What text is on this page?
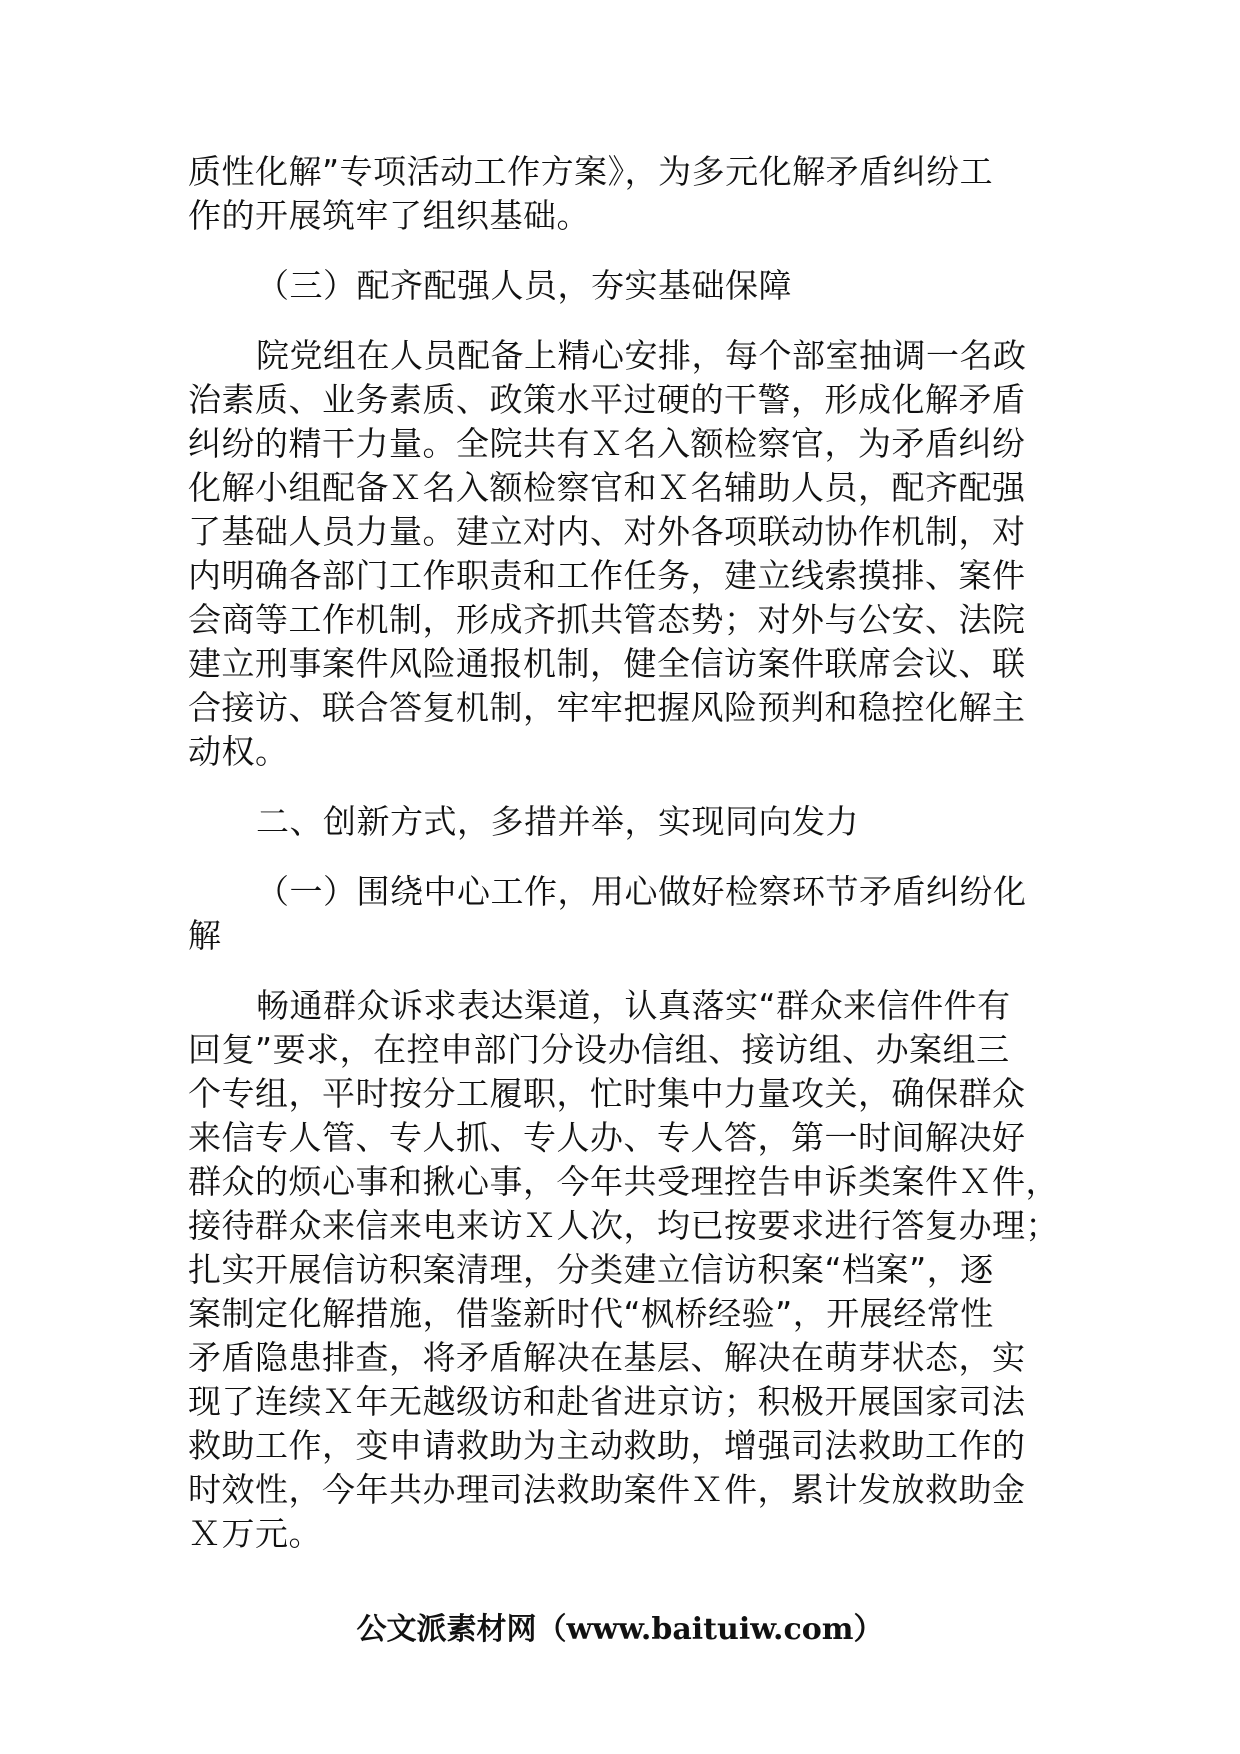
质性化解”专项活动工作方案》，为多元化解矛盾纠纷工
作的开展筑牢了组织基础。

（三）配齐配强人员，夯实基础保障

院党组在人员配备上精心安排，每个部室抽调一名政
治素质、业务素质、政策水平过硬的干警，形成化解矛盾
纠纷的精干力量。全院共有Ｘ名入额检察官，为矛盾纠纷
化解小组配备Ｘ名入额检察官和Ｘ名辅助人员，配齐配强
了基础人员力量。建立对内、对外各项联动协作机制，对
内明确各部门工作职责和工作任务，建立线索摸排、案件
会商等工作机制，形成齐抓共管态势；对外与公安、法院
建立刑事案件风险通报机制，健全信访案件联席会议、联
合接访、联合答复机制，牢牢把握风险预判和稳控化解主
动权。

二、创新方式，多措并举，实现同向发力

（一）围绕中心工作，用心做好检察环节矛盾纠纷化
解

畅通群众诉求表达渠道，认真落实“群众来信件件有
回复”要求，在控申部门分设办信组、接访组、办案组三
个专组，平时按分工履职，忙时集中力量攻关，确保群众
来信专人管、专人抓、专人办、专人答，第一时间解决好
群众的烦心事和揪心事，今年共受理控告申诉类案件Ｘ件，
接待群众来信来电来访Ｘ人次，均已按要求进行答复办理；
扎实开展信访积案清理，分类建立信访积案“档案”，逐
案制定化解措施，借鉴新时代“枫桥经验”，开展经常性
矛盾隐患排查，将矛盾解决在基层、解决在萌芽状态，实
现了连续Ｘ年无越级访和赴省进京访；积极开展国家司法
救助工作，变申请救助为主动救助，增强司法救助工作的
时效性，今年共办理司法救助案件Ｘ件，累计发放救助金
Ｘ万元。

公文派素材网（www.baituiw.com）
